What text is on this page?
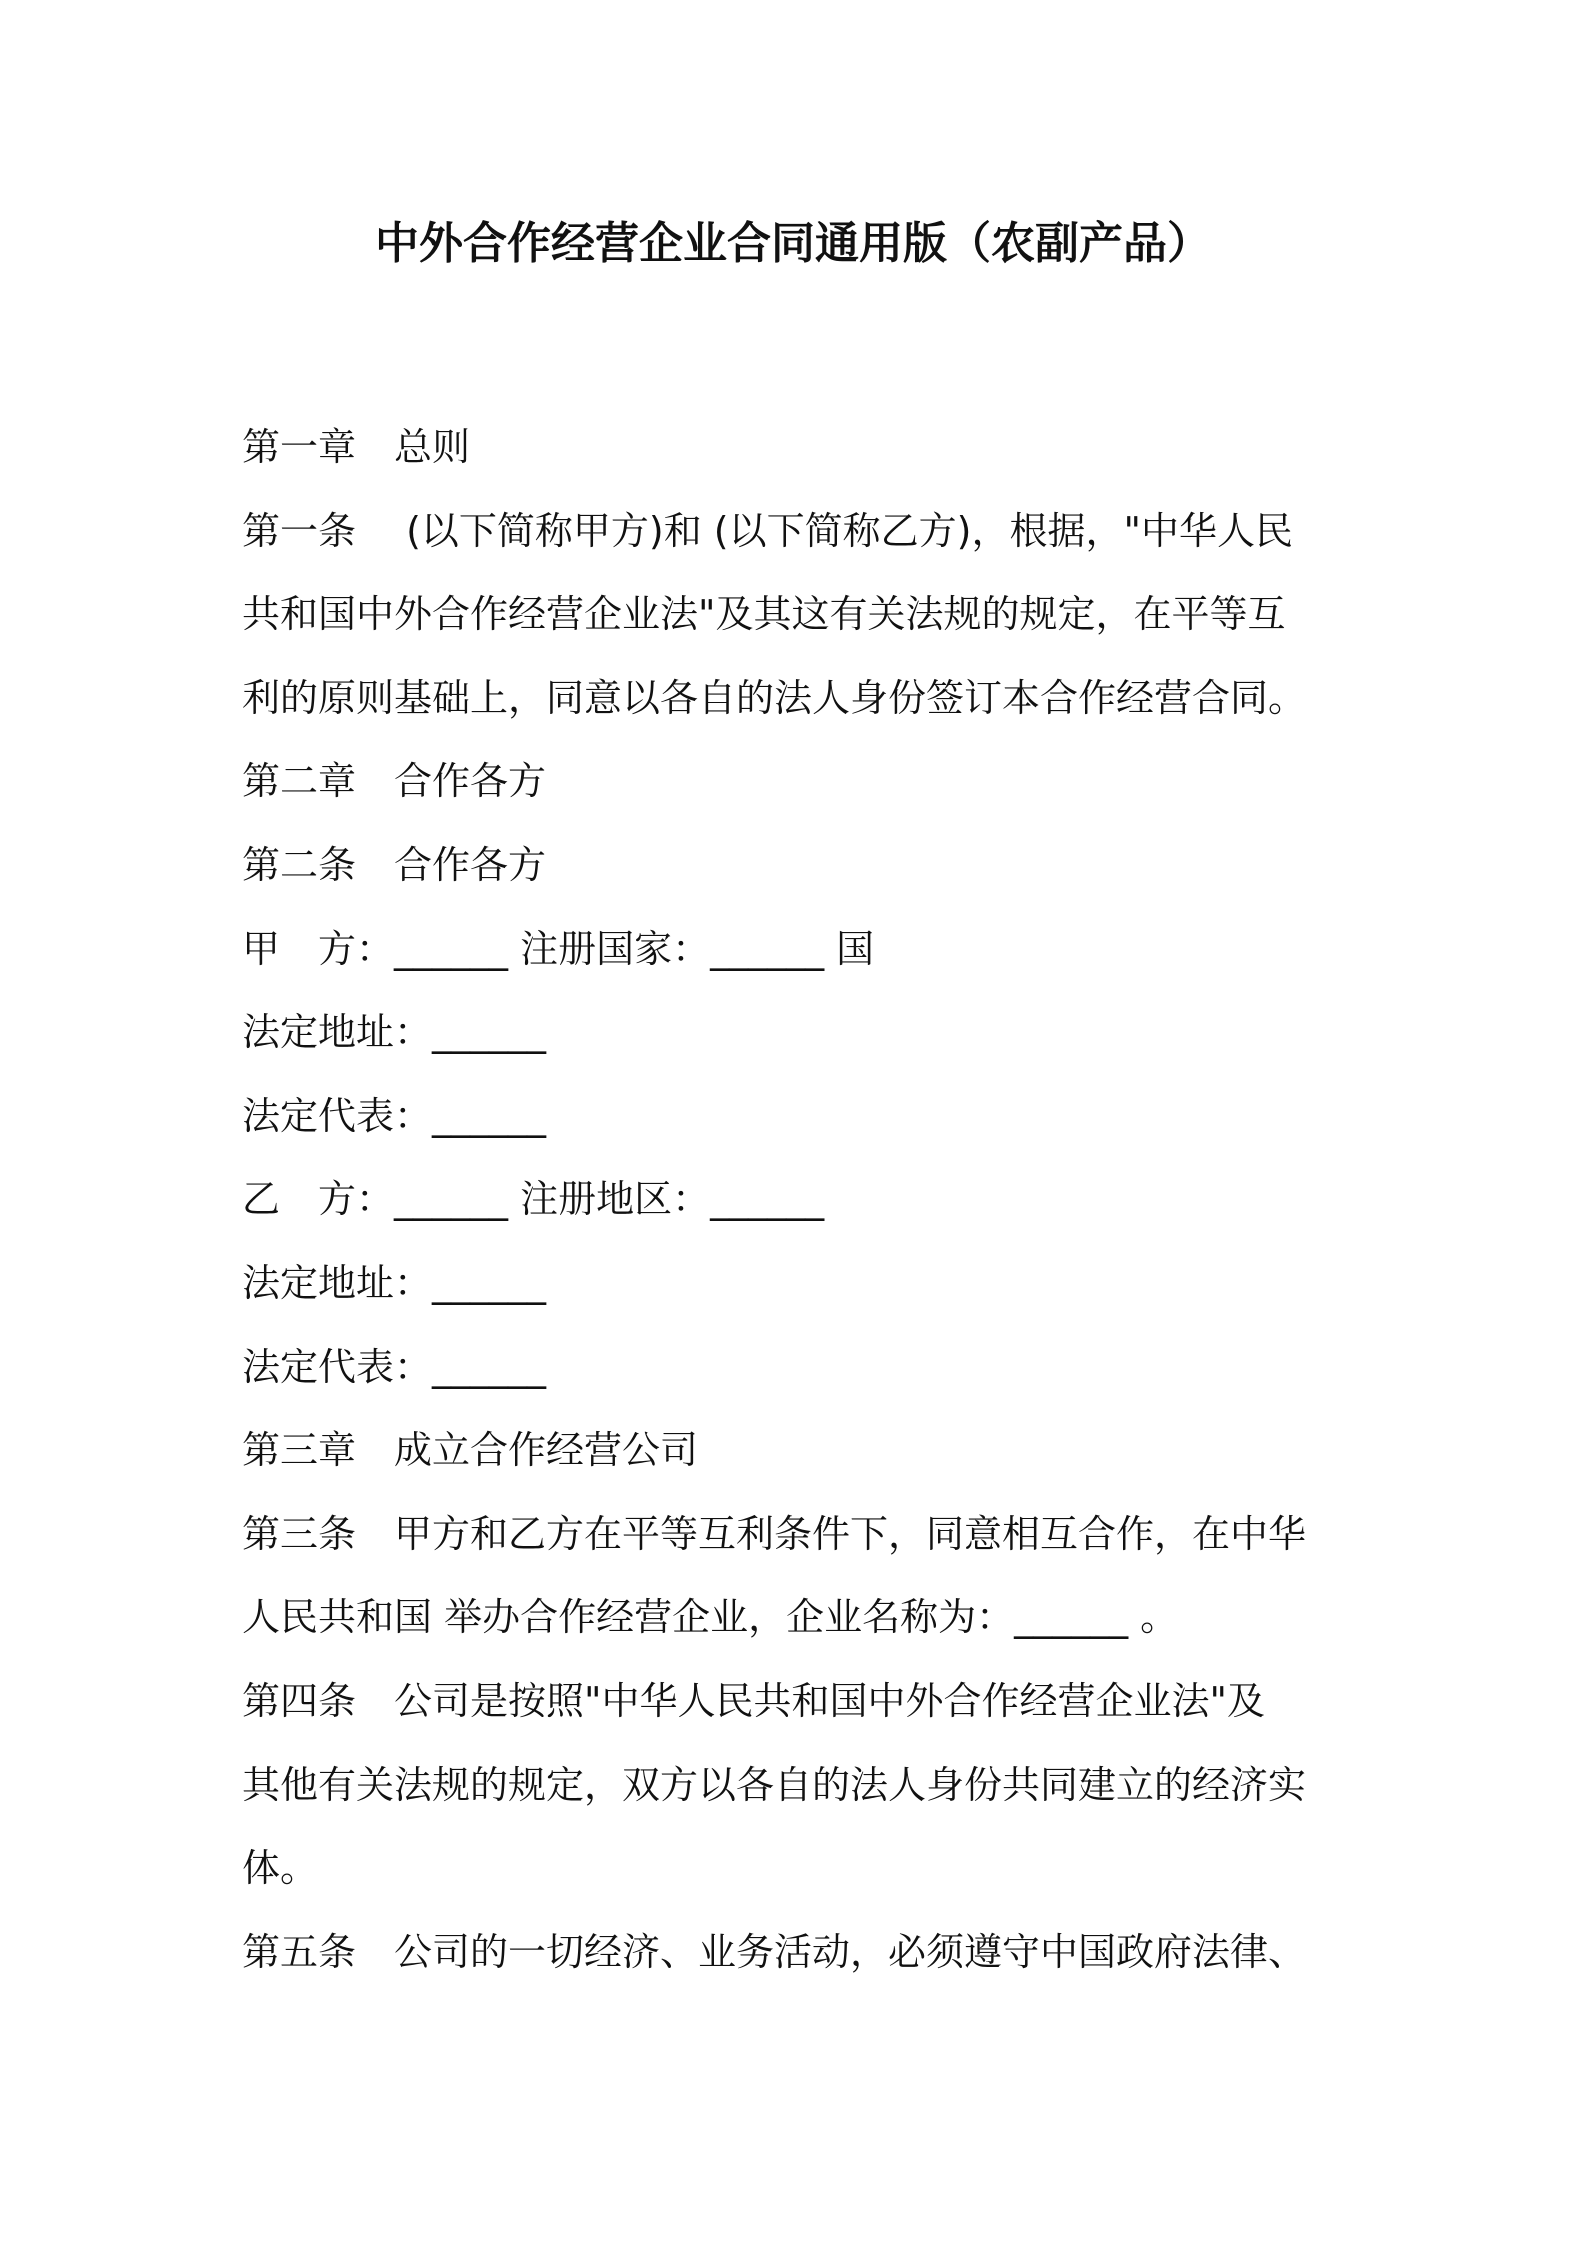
中外合作经营企业合同通用版（农副产品）
第一章　总则
第一条　 (以下简称甲方)和 (以下简称乙方)，根据，"中华人民
共和国中外合作经营企业法"及其这有关法规的规定，在平等互
利的原则基础上，同意以各自的法人身份签订本合作经营合同。
第二章　合作各方
第二条　合作各方
甲　方：______ 注册国家：______ 国
法定地址：______
法定代表：______
乙　方：______ 注册地区：______
法定地址：______
法定代表：______
第三章　成立合作经营公司
第三条　甲方和乙方在平等互利条件下，同意相互合作，在中华
人民共和国 举办合作经营企业，企业名称为：______ 。
第四条　公司是按照"中华人民共和国中外合作经营企业法"及
其他有关法规的规定，双方以各自的法人身份共同建立的经济实
体。
第五条　公司的一切经济、业务活动，必须遵守中国政府法律、
